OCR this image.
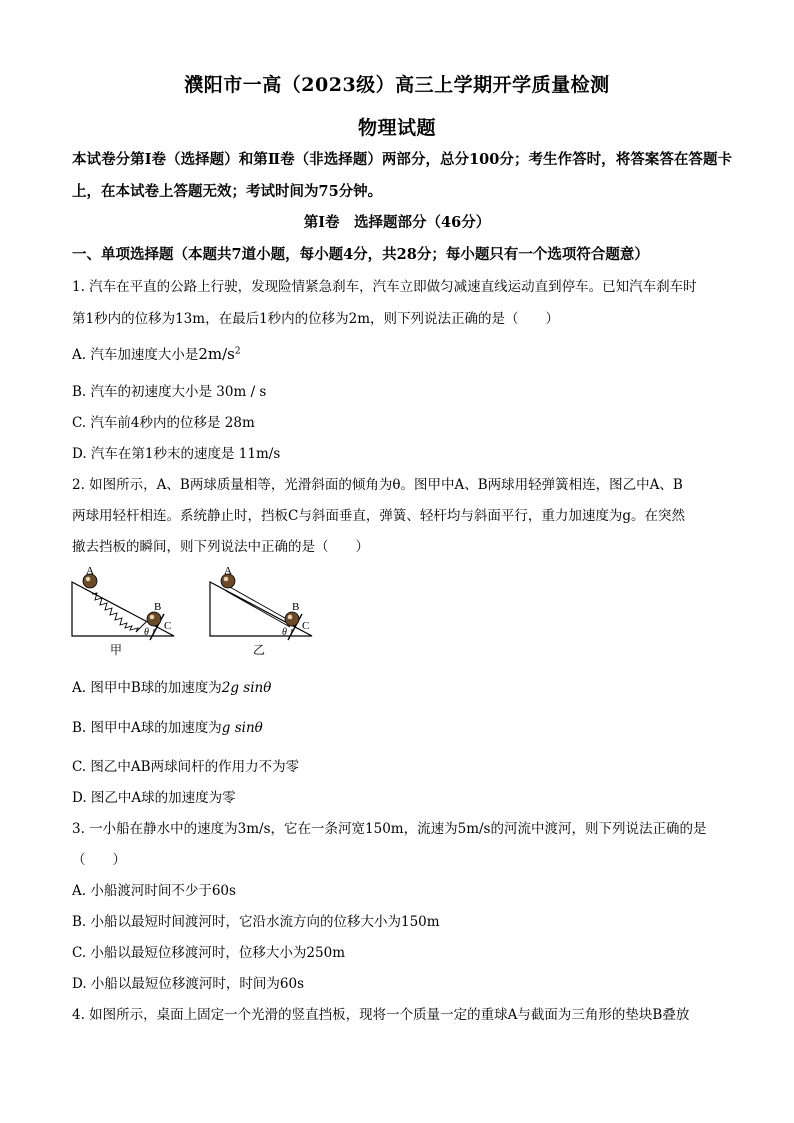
濮阳市一高（2023级）高三上学期开学质量检测
物理试题
本试卷分第Ⅰ卷（选择题）和第Ⅱ卷（非选择题）两部分，总分100分；考生作答时，将答案答在答题卡上，在本试卷上答题无效；考试时间为75分钟。
第Ⅰ卷　选择题部分（46分）
一、单项选择题（本题共7道小题，每小题4分，共28分；每小题只有一个选项符合题意）
1. 汽车在平直的公路上行驶，发现险情紧急刹车，汽车立即做匀减速直线运动直到停车。已知汽车刹车时
第1秒内的位移为13m，在最后1秒内的位移为2m，则下列说法正确的是（　　）
A. 汽车加速度大小是$2m/s^2$
B. 汽车的初速度大小是 30m / s
C. 汽车前4秒内的位移是 28m
D. 汽车在第1秒末的速度是 11m/s
2. 如图所示，A、B两球质量相等，光滑斜面的倾角为θ。图甲中A、B两球用轻弹簧相连，图乙中A、B
两球用轻杆相连。系统静止时，挡板C与斜面垂直，弹簧、轻杆均与斜面平行，重力加速度为g。在突然
撤去挡板的瞬间，则下列说法中正确的是（　　）
A
B
C
θ
甲
A
B
C
θ
乙
A. 图甲中B球的加速度为2g sinθ
B. 图甲中A球的加速度为g sinθ
C. 图乙中AB两球间杆的作用力不为零
D. 图乙中A球的加速度为零
3. 一小船在静水中的速度为3m/s，它在一条河宽150m，流速为5m/s的河流中渡河，则下列说法正确的是
（　　）
A. 小船渡河时间不少于60s
B. 小船以最短时间渡河时，它沿水流方向的位移大小为150m
C. 小船以最短位移渡河时，位移大小为250m
D. 小船以最短位移渡河时，时间为60s
4. 如图所示，桌面上固定一个光滑的竖直挡板，现将一个质量一定的重球A与截面为三角形的垫块B叠放
